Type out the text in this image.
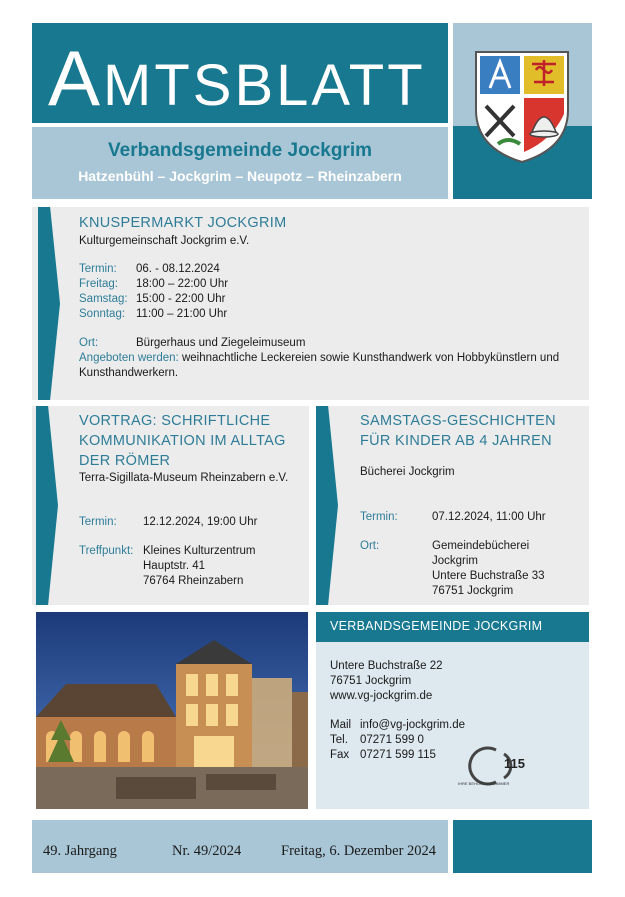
AMTSBLATT
Verbandsgemeinde Jockgrim
Hatzenbühl – Jockgrim – Neupotz – Rheinzabern
KNUSPERMARKT JOCKGRIM
Kulturgemeinschaft Jockgrim e.V.
Termin: 06. - 08.12.2024
Freitag: 18:00 – 22:00 Uhr
Samstag: 15:00 - 22:00 Uhr
Sonntag: 11:00 – 21:00 Uhr
Ort:	Bürgerhaus und Ziegeleimuseum
Angeboten werden: weihnachtliche Leckereien sowie Kunsthandwerk von Hobbykünstlern und Kunsthandwerkern.
VORTRAG: SCHRIFTLICHE
KOMMUNIKATION IM ALLTAG
DER RÖMER
Terra-Sigillata-Museum Rheinzabern e.V.
Termin: 12.12.2024, 19:00 Uhr
Treffpunkt: Kleines Kulturzentrum
Hauptstr. 41
76764 Rheinzabern
SAMSTAGS-GESCHICHTEN
FÜR KINDER AB 4 JAHREN
Bücherei Jockgrim
Termin:	07.12.2024, 11:00 Uhr
Ort:	Gemeindebücherei
Jockgrim
Untere Buchstraße 33
76751 Jockgrim
VERBANDSGEMEINDE JOCKGRIM
Untere Buchstraße 22
76751 Jockgrim
www.vg-jockgrim.de
Mail info@vg-jockgrim.de
Tel. 07271 599 0
Fax 07271 599 115
115
IHRE BEHÖRDENNUMMER
49. Jahrgang	Nr. 49/2024	Freitag, 6. Dezember 2024
